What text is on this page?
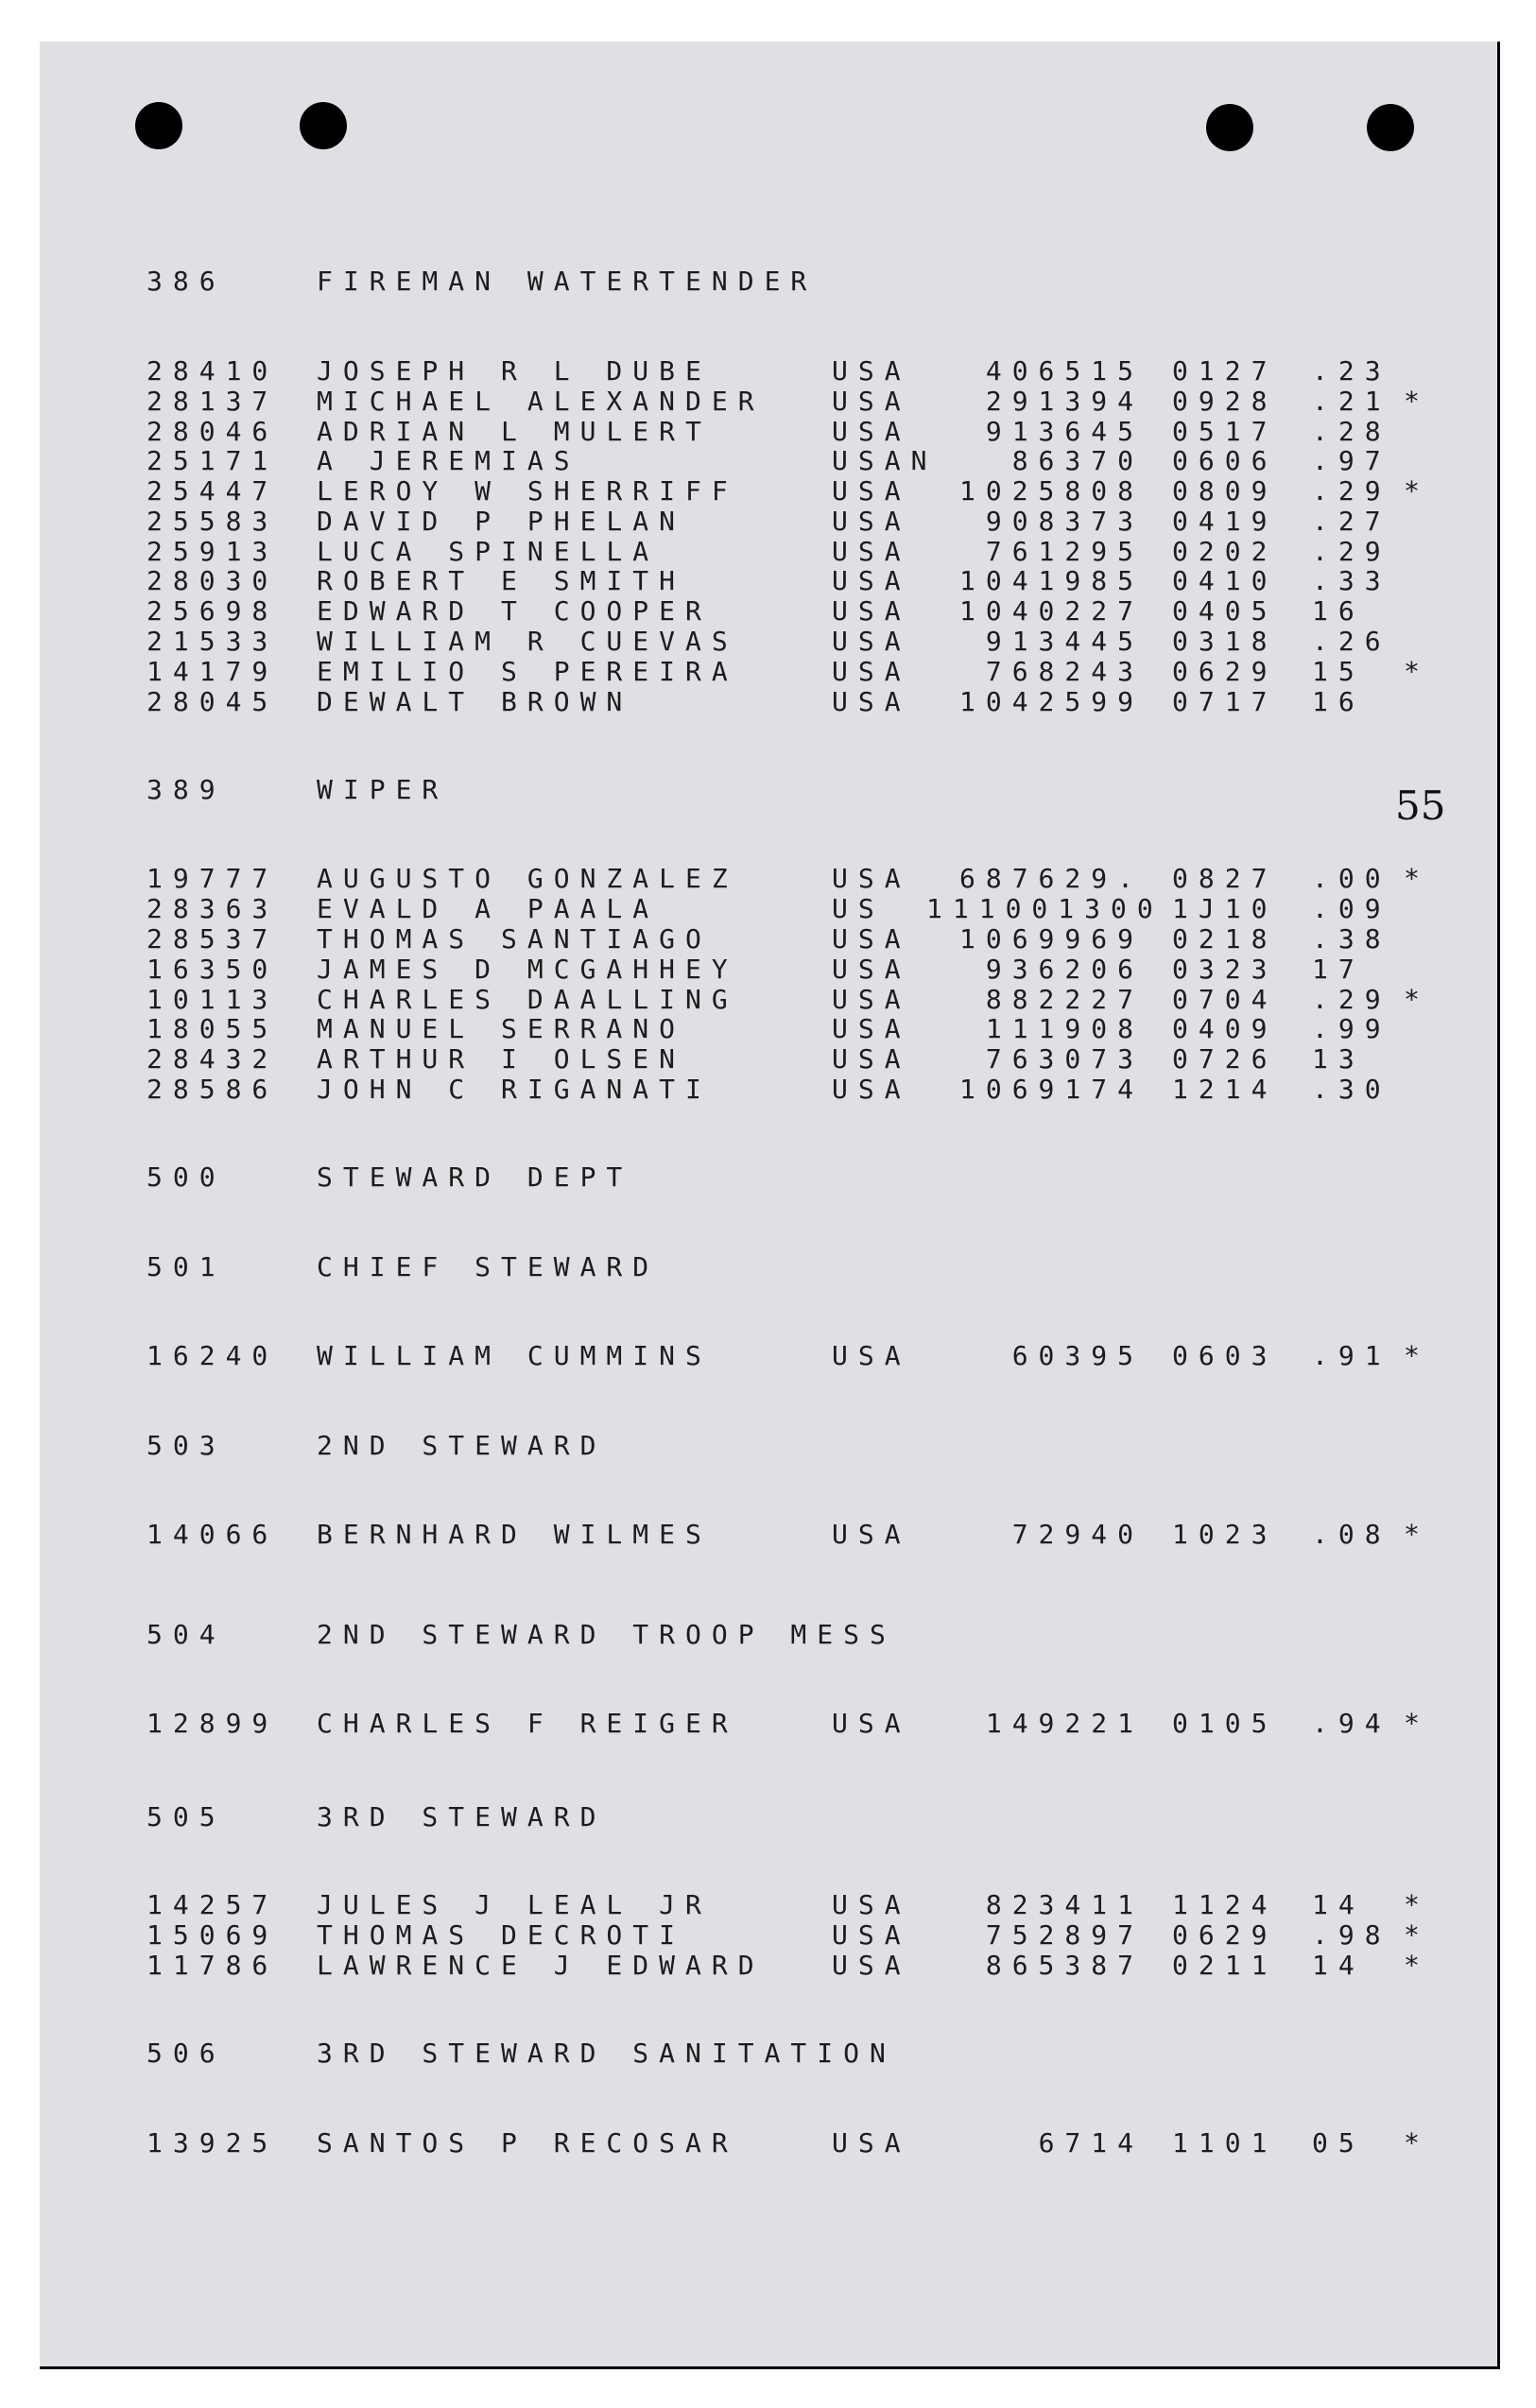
55
386	FIREMAN WATERTENDER
28410 JOSEPH R L DUBE	USA	406515 0127 .23
28137 MICHAEL ALEXANDER	USA	291394 0928 .21 *
28046 ADRIAN L MULERT	USA	913645 0517 .28
25171 A JEREMIAS	USAN	86370 0606 .97
25447 LEROY W SHERRIFF	USA	1025808 0809 .29 *
25583 DAVID P PHELAN	USA	908373 0419 .27
25913 LUCA SPINELLA	USA	761295 0202 .29
28030 ROBERT E SMITH	USA	1041985 0410 .33
25698 EDWARD T COOPER	USA	1040227 0405 16
21533 WILLIAM R CUEVAS	USA	913445 0318 .26
14179 EMILIO S PEREIRA	USA	768243 0629 15 *
28045 DEWALT BROWN	USA	1042599 0717 16
389	WIPER
19777 AUGUSTO GONZALEZ	USA	687629. 0827 .00 *
28363 EVALD A PAALA	US 111001300 1J10 .09
28537 THOMAS SANTIAGO	USA	1069969 0218 .38
16350 JAMES D MCGAHHEY	USA	936206 0323 17
10113 CHARLES DAALLING	USA	882227 0704 .29 *
18055 MANUEL SERRANO	USA	111908 0409 .99
28432 ARTHUR I OLSEN	USA	763073 0726 13
28586 JOHN C RIGANATI	USA	1069174 1214 .30
500	STEWARD DEPT
501	CHIEF STEWARD
16240 WILLIAM CUMMINS	USA	60395 0603 .91 *
503	2ND STEWARD
14066 BERNHARD WILMES	USA	72940 1023 .08 *
504	2ND STEWARD TROOP MESS
12899 CHARLES F REIGER	USA	149221 0105 .94 *
505	3RD STEWARD
14257 JULES J LEAL JR	USA	823411 1124 14 *
15069 THOMAS DECROTI	USA	752897 0629 .98 *
11786 LAWRENCE J EDWARD	USA	865387 0211 14 *
506	3RD STEWARD SANITATION
13925 SANTOS P RECOSAR	USA	6714 1101 05 *
